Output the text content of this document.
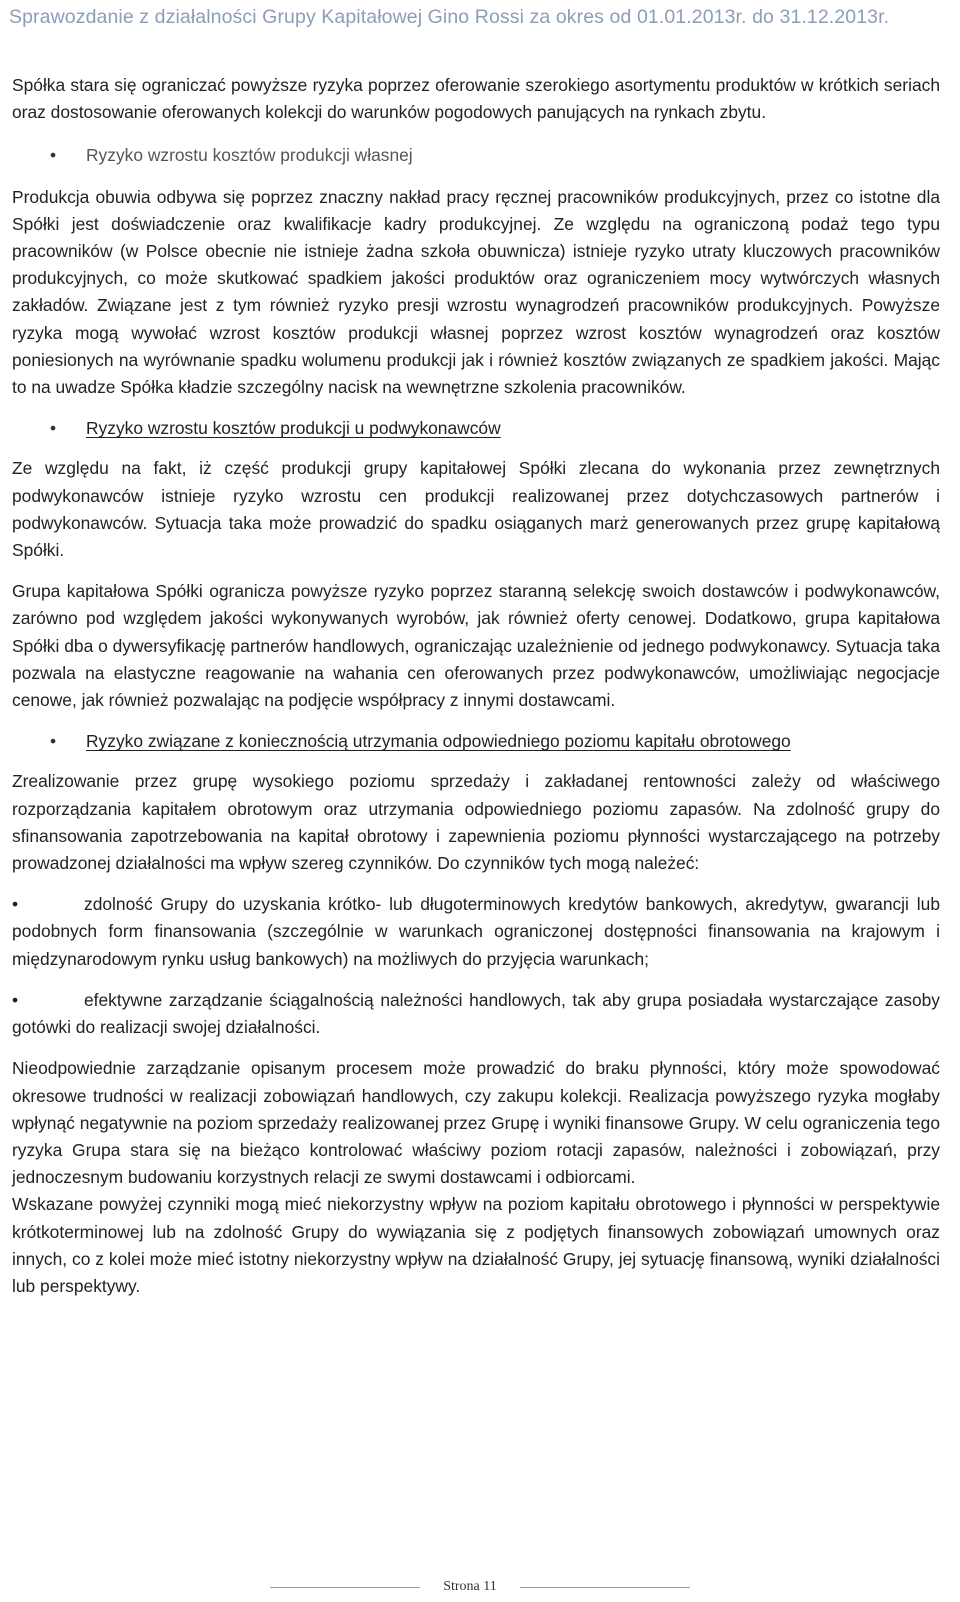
Sprawozdanie z działalności Grupy Kapitałowej Gino Rossi za okres od 01.01.2013r. do 31.12.2013r.

Spółka stara się ograniczać powyższe ryzyka poprzez oferowanie szerokiego asortymentu produktów w krótkich seriach oraz dostosowanie oferowanych kolekcji do warunków pogodowych panujących na rynkach zbytu.

• Ryzyko wzrostu kosztów produkcji własnej

Produkcja obuwia odbywa się poprzez znaczny nakład pracy ręcznej pracowników produkcyjnych, przez co istotne dla Spółki jest doświadczenie oraz kwalifikacje kadry produkcyjnej. Ze względu na ograniczoną podaż tego typu pracowników (w Polsce obecnie nie istnieje żadna szkoła obuwnicza) istnieje ryzyko utraty kluczowych pracowników produkcyjnych, co może skutkować spadkiem jakości produktów oraz ograniczeniem mocy wytwórczych własnych zakładów. Związane jest z tym również ryzyko presji wzrostu wynagrodzeń pracowników produkcyjnych. Powyższe ryzyka mogą wywołać wzrost kosztów produkcji własnej poprzez wzrost kosztów wynagrodzeń oraz kosztów poniesionych na wyrównanie spadku wolumenu produkcji jak i również kosztów związanych ze spadkiem jakości. Mając to na uwadze Spółka kładzie szczególny nacisk na wewnętrzne szkolenia pracowników.

• Ryzyko wzrostu kosztów produkcji u podwykonawców

Ze względu na fakt, iż część produkcji grupy kapitałowej Spółki zlecana do wykonania przez zewnętrznych podwykonawców istnieje ryzyko wzrostu cen produkcji realizowanej przez dotychczasowych partnerów i podwykonawców. Sytuacja taka może prowadzić do spadku osiąganych marż generowanych przez grupę kapitałową Spółki.

Grupa kapitałowa Spółki ogranicza powyższe ryzyko poprzez staranną selekcję swoich dostawców i podwykonawców, zarówno pod względem jakości wykonywanych wyrobów, jak również oferty cenowej. Dodatkowo, grupa kapitałowa Spółki dba o dywersyfikację partnerów handlowych, ograniczając uzależnienie od jednego podwykonawcy. Sytuacja taka pozwala na elastyczne reagowanie na wahania cen oferowanych przez podwykonawców, umożliwiając negocjacje cenowe, jak również pozwalając na podjęcie współpracy z innymi dostawcami.

• Ryzyko związane z koniecznością utrzymania odpowiedniego poziomu kapitału obrotowego

Zrealizowanie przez grupę wysokiego poziomu sprzedaży i zakładanej rentowności zależy od właściwego rozporządzania kapitałem obrotowym oraz utrzymania odpowiedniego poziomu zapasów. Na zdolność grupy do sfinansowania zapotrzebowania na kapitał obrotowy i zapewnienia poziomu płynności wystarczającego na potrzeby prowadzonej działalności ma wpływ szereg czynników. Do czynników tych mogą należeć:

•	zdolność Grupy do uzyskania krótko- lub długoterminowych kredytów bankowych, akredytyw, gwarancji lub podobnych form finansowania (szczególnie w warunkach ograniczonej dostępności finansowania na krajowym i międzynarodowym rynku usług bankowych) na możliwych do przyjęcia warunkach;

•	efektywne zarządzanie ściągalnością należności handlowych, tak aby grupa posiadała wystarczające zasoby gotówki do realizacji swojej działalności.

Nieodpowiednie zarządzanie opisanym procesem może prowadzić do braku płynności, który może spowodować okresowe trudności w realizacji zobowiązań handlowych, czy zakupu kolekcji. Realizacja powyższego ryzyka mogłaby wpłynąć negatywnie na poziom sprzedaży realizowanej przez Grupę i wyniki finansowe Grupy. W celu ograniczenia tego ryzyka Grupa stara się na bieżąco kontrolować właściwy poziom rotacji zapasów, należności i zobowiązań, przy jednoczesnym budowaniu korzystnych relacji ze swymi dostawcami i odbiorcami.

Wskazane powyżej czynniki mogą mieć niekorzystny wpływ na poziom kapitału obrotowego i płynności w perspektywie krótkoterminowej lub na zdolność Grupy do wywiązania się z podjętych finansowych zobowiązań umownych oraz innych, co z kolei może mieć istotny niekorzystny wpływ na działalność Grupy, jej sytuację finansową, wyniki działalności lub perspektywy.

Strona 11
